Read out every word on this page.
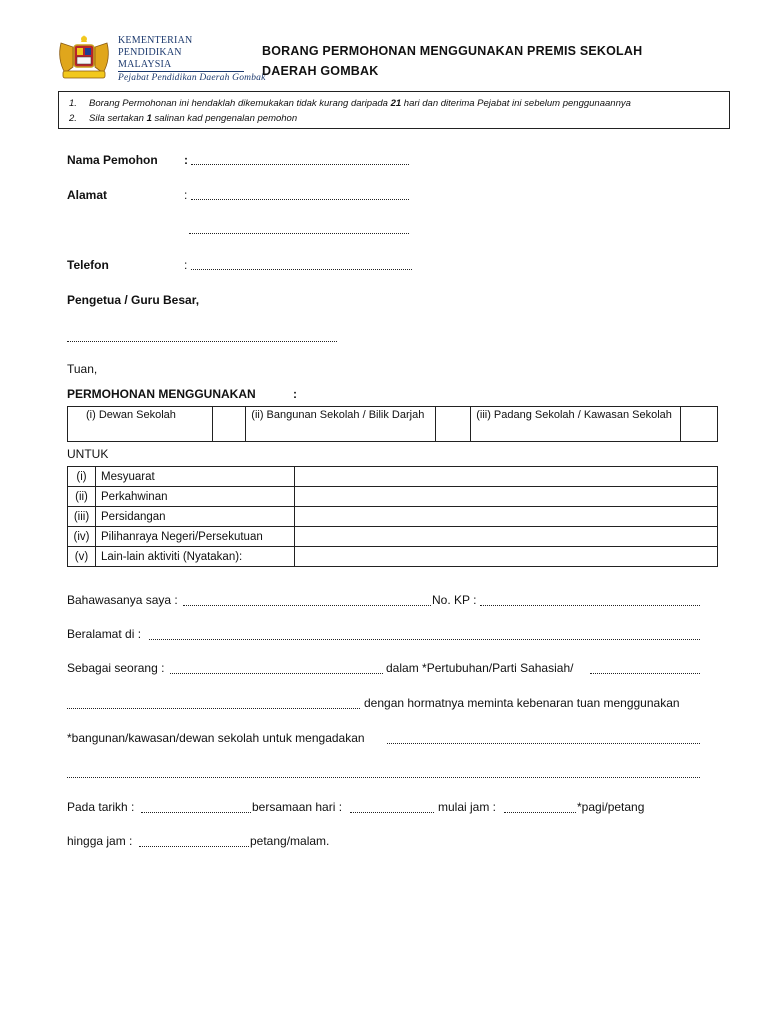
KEMENTERIAN
PENDIDIKAN
MALAYSIA
Pejabat Pendidikan Daerah Gombak
BORANG PERMOHONAN MENGGUNAKAN PREMIS SEKOLAH
DAERAH GOMBAK
1. Borang Permohonan ini hendaklah dikemukakan tidak kurang daripada 21 hari dan diterima Pejabat ini sebelum penggunaannya
2. Sila sertakan 1 salinan kad pengenalan pemohon
Nama Pemohon :
Alamat	:
Telefon	:
Pengetua / Guru Besar,
Tuan,
PERMOHONAN MENGGUNAKAN	:
(i) Dewan Sekolah		(ii) Bangunan Sekolah / Bilik Darjah		(iii) Padang Sekolah / Kawasan Sekolah	
UNTUK
(i)	Mesyuarat	
(ii)	Perkahwinan	
(iii)	Persidangan	
(iv)	Pilihanraya Negeri/Persekutuan	
(v)	Lain-lain aktiviti (Nyatakan):	
Bahawasanya saya :	No. KP :
Beralamat di :
Sebagai seorang :	dalam *Pertubuhan/Parti Sahasiah/
dengan hormatnya meminta kebenaran tuan menggunakan
*bangunan/kawasan/dewan sekolah untuk mengadakan
Pada tarikh :	bersamaan hari :	mulai jam :	*pagi/petang
hingga jam :	petang/malam.
